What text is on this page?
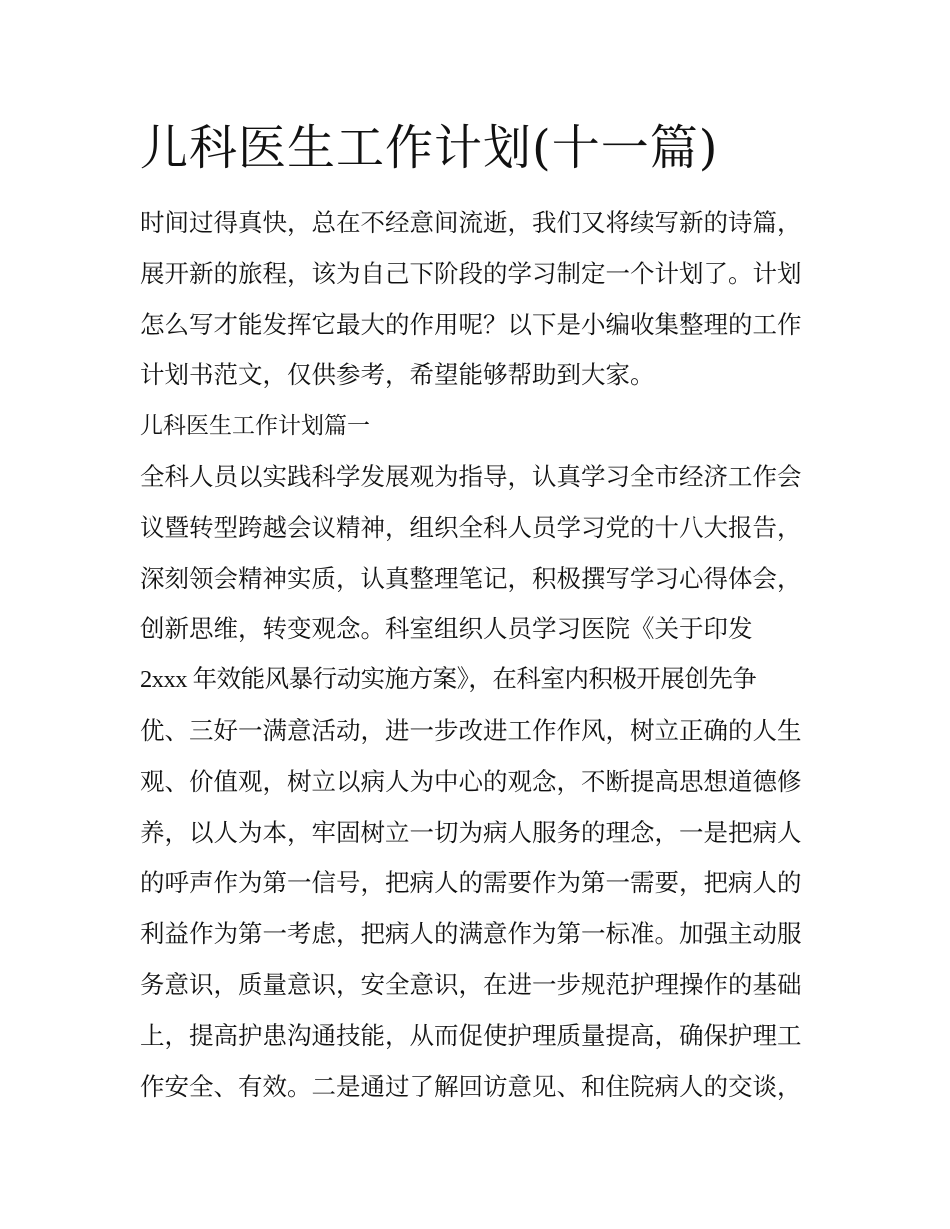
儿科医生工作计划(十一篇)
时间过得真快，总在不经意间流逝，我们又将续写新的诗篇，
展开新的旅程，该为自己下阶段的学习制定一个计划了。计划
怎么写才能发挥它最大的作用呢？以下是小编收集整理的工作
计划书范文，仅供参考，希望能够帮助到大家。
儿科医生工作计划篇一
全科人员以实践科学发展观为指导，认真学习全市经济工作会
议暨转型跨越会议精神，组织全科人员学习党的十八大报告，
深刻领会精神实质，认真整理笔记，积极撰写学习心得体会，
创新思维，转变观念。科室组织人员学习医院《关于印发
2xxx 年效能风暴行动实施方案》，在科室内积极开展创先争
优、三好一满意活动，进一步改进工作作风，树立正确的人生
观、价值观，树立以病人为中心的观念，不断提高思想道德修
养，以人为本，牢固树立一切为病人服务的理念，一是把病人
的呼声作为第一信号，把病人的需要作为第一需要，把病人的
利益作为第一考虑，把病人的满意作为第一标准。加强主动服
务意识，质量意识，安全意识，在进一步规范护理操作的基础
上，提高护患沟通技能，从而促使护理质量提高，确保护理工
作安全、有效。二是通过了解回访意见、和住院病人的交谈，
